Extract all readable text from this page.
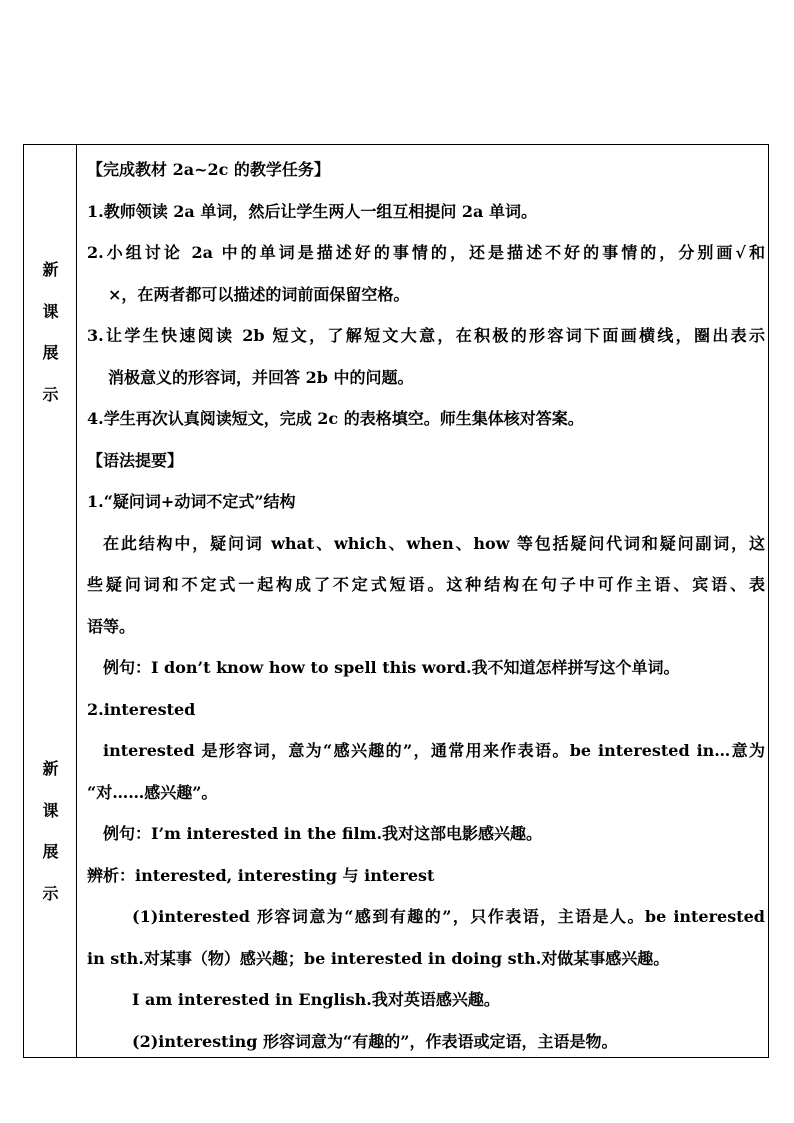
新
课
展
示
新
课
展
示

【完成教材 2a~2c 的教学任务】

1.教师领读 2a 单词，然后让学生两人一组互相提问 2a 单词。

2.小组讨论 2a 中的单词是描述好的事情的，还是描述不好的事情的，分别画√和

×，在两者都可以描述的词前面保留空格。

3.让学生快速阅读 2b 短文，了解短文大意，在积极的形容词下面画横线，圈出表示

消极意义的形容词，并回答 2b 中的问题。

4.学生再次认真阅读短文，完成 2c 的表格填空。师生集体核对答案。

【语法提要】

1.“疑问词+动词不定式”结构

在此结构中，疑问词 what、which、when、how 等包括疑问代词和疑问副词，这

些疑问词和不定式一起构成了不定式短语。这种结构在句子中可作主语、宾语、表

语等。

例句：I don’t know how to spell this word.我不知道怎样拼写这个单词。

2.interested

interested 是形容词，意为“感兴趣的”，通常用来作表语。be interested in…意为

“对……感兴趣”。

例句：I’m interested in the film.我对这部电影感兴趣。

辨析：interested, interesting 与 interest

(1)interested 形容词意为“感到有趣的”，只作表语，主语是人。be interested

in sth.对某事（物）感兴趣；be interested in doing sth.对做某事感兴趣。

I am interested in English.我对英语感兴趣。

(2)interesting 形容词意为“有趣的”，作表语或定语，主语是物。
